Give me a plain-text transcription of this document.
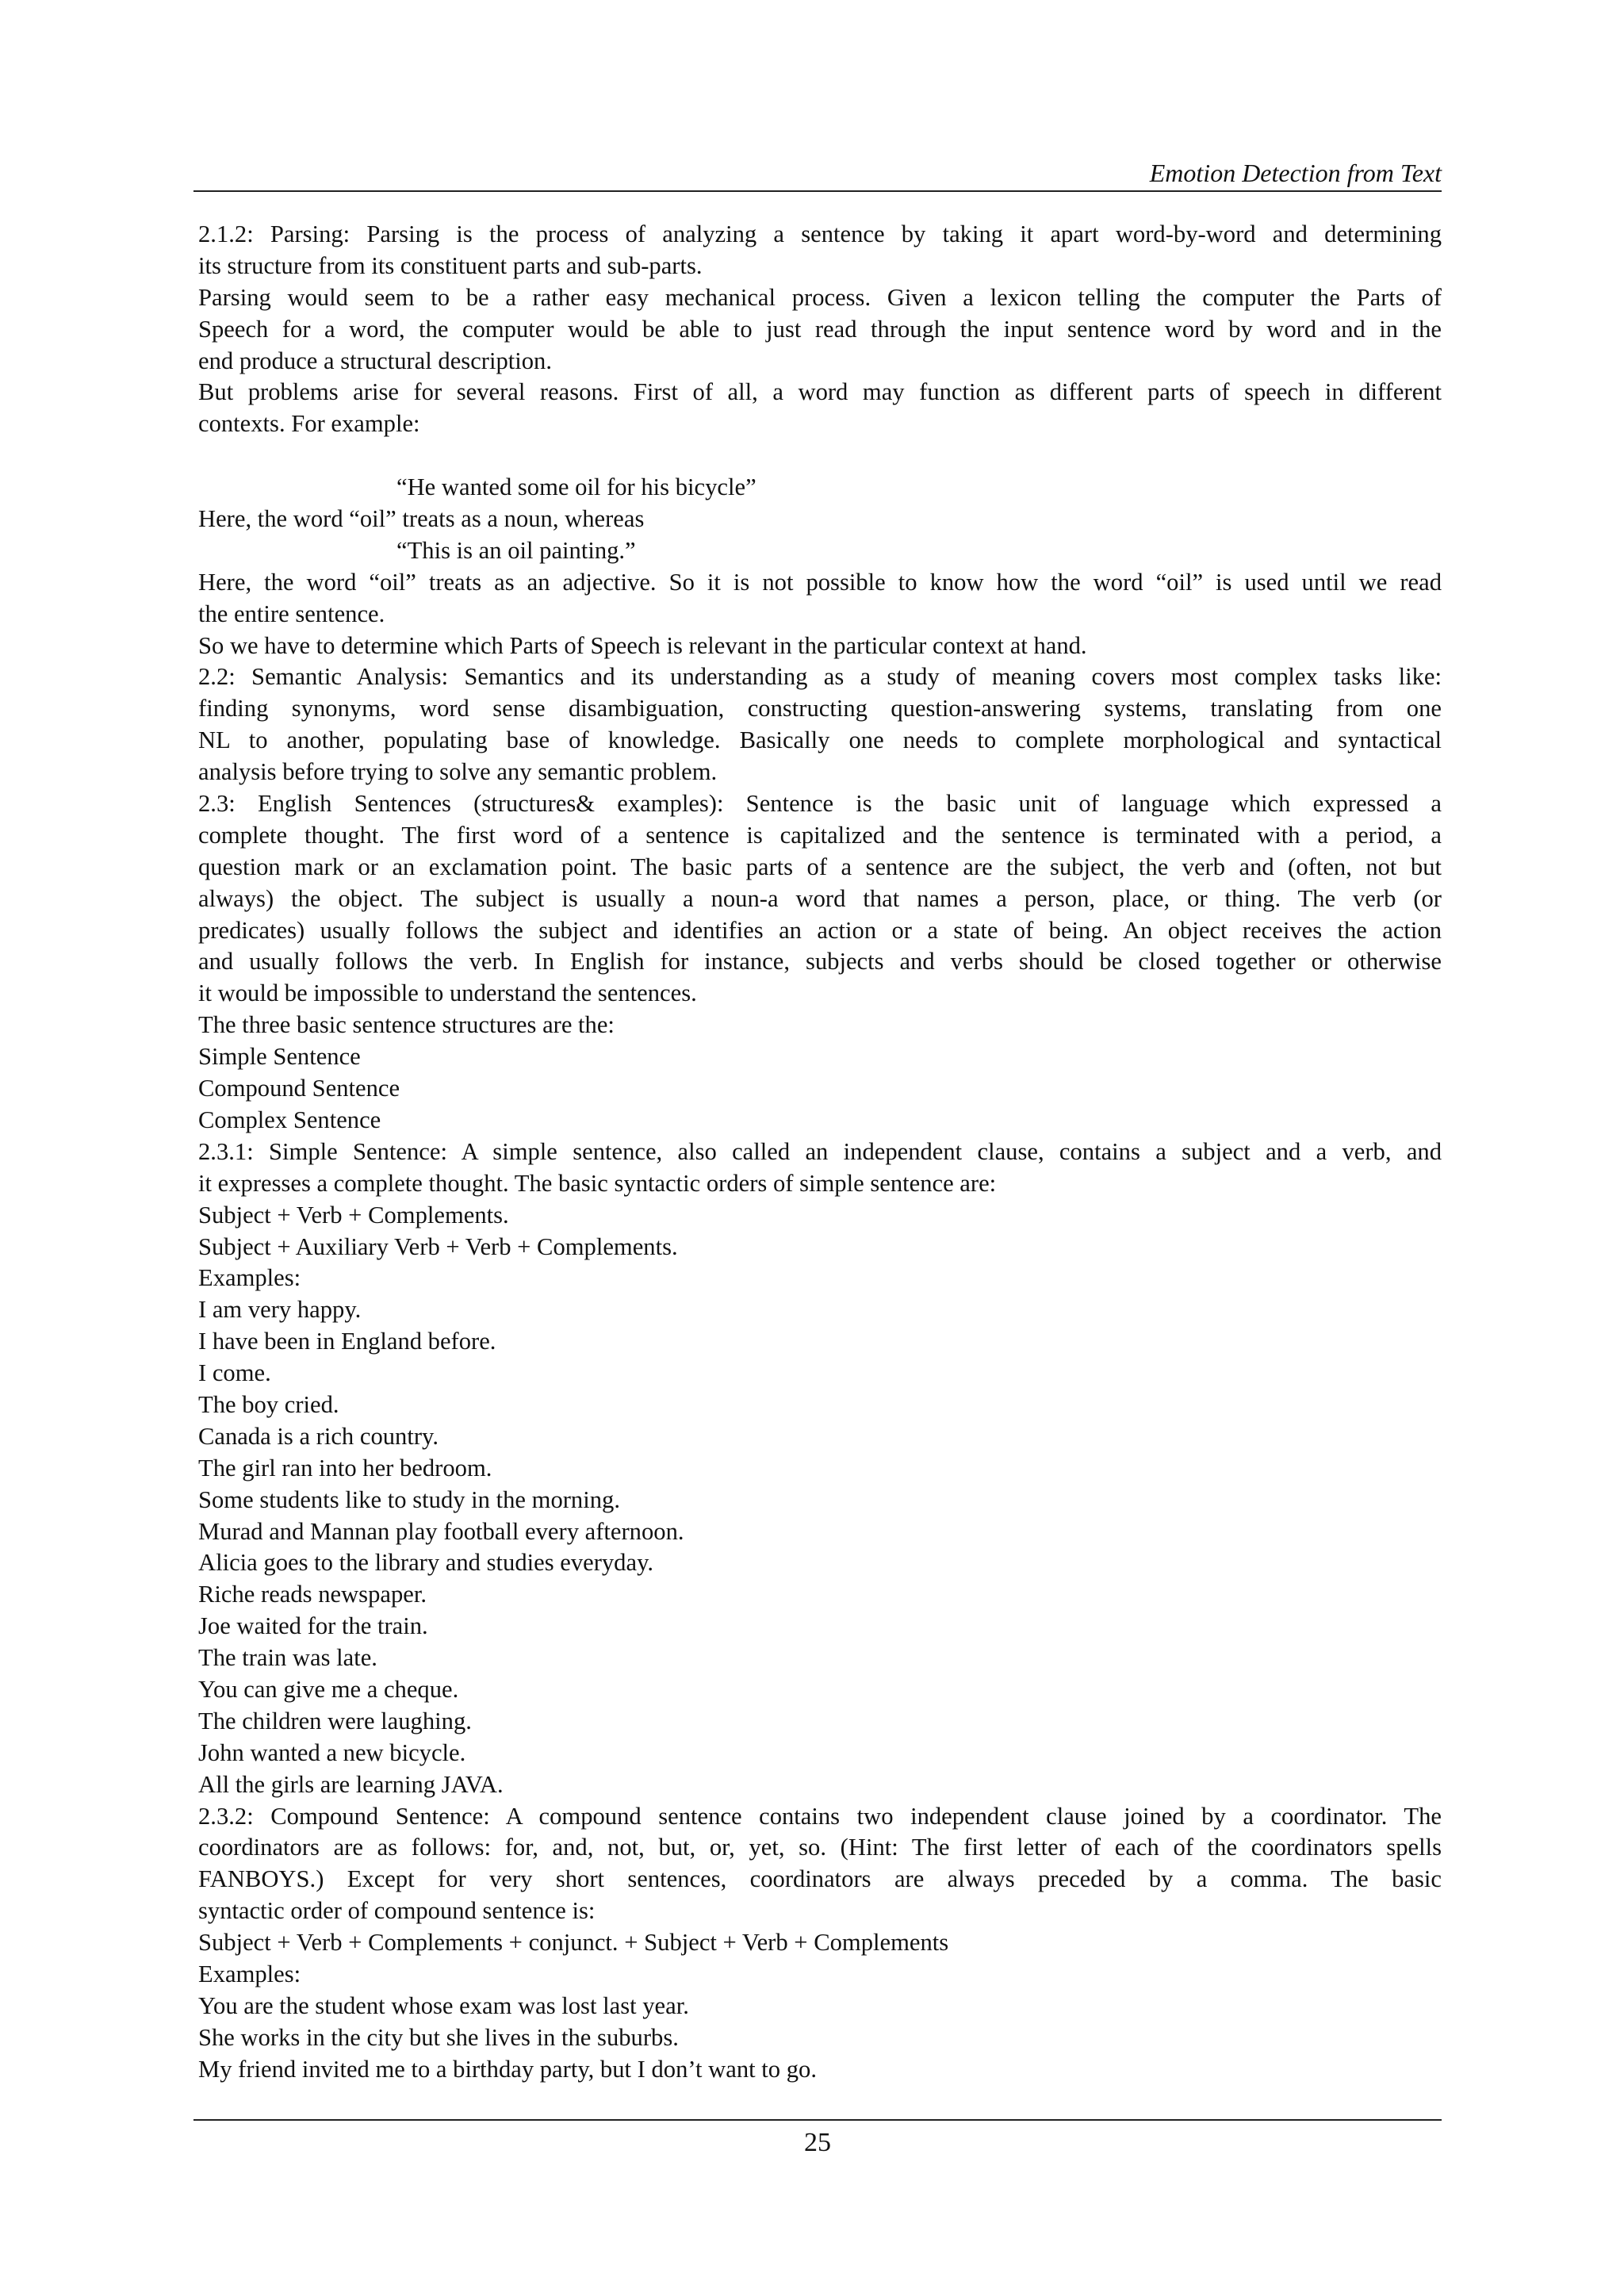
Emotion Detection from Text
2.1.2: Parsing: Parsing is the process of analyzing a sentence by taking it apart word-by-word and determining
its structure from its constituent parts and sub-parts.
Parsing would seem to be a rather easy mechanical process. Given a lexicon telling the computer the Parts of
Speech for a word, the computer would be able to just read through the input sentence word by word and in the
end produce a structural description.
But problems arise for several reasons. First of all, a word may function as different parts of speech in different
contexts. For example:
“He wanted some oil for his bicycle”
Here, the word “oil” treats as a noun, whereas
“This is an oil painting.”
Here, the word “oil” treats as an adjective. So it is not possible to know how the word “oil” is used until we read
the entire sentence.
So we have to determine which Parts of Speech is relevant in the particular context at hand.
2.2: Semantic Analysis: Semantics and its understanding as a study of meaning covers most complex tasks like:
finding synonyms, word sense disambiguation, constructing question-answering systems, translating from one
NL to another, populating base of knowledge. Basically one needs to complete morphological and syntactical
analysis before trying to solve any semantic problem.
2.3: English Sentences (structures& examples): Sentence is the basic unit of language which expressed a
complete thought. The first word of a sentence is capitalized and the sentence is terminated with a period, a
question mark or an exclamation point. The basic parts of a sentence are the subject, the verb and (often, not but
always) the object. The subject is usually a noun-a word that names a person, place, or thing. The verb (or
predicates) usually follows the subject and identifies an action or a state of being. An object receives the action
and usually follows the verb. In English for instance, subjects and verbs should be closed together or otherwise
it would be impossible to understand the sentences.
The three basic sentence structures are the:
Simple Sentence
Compound Sentence
Complex Sentence
2.3.1: Simple Sentence: A simple sentence, also called an independent clause, contains a subject and a verb, and
it expresses a complete thought. The basic syntactic orders of simple sentence are:
Subject + Verb + Complements.
Subject + Auxiliary Verb + Verb + Complements.
Examples:
I am very happy.
I have been in England before.
I come.
The boy cried.
Canada is a rich country.
The girl ran into her bedroom.
Some students like to study in the morning.
Murad and Mannan play football every afternoon.
Alicia goes to the library and studies everyday.
Riche reads newspaper.
Joe waited for the train.
The train was late.
You can give me a cheque.
The children were laughing.
John wanted a new bicycle.
All the girls are learning JAVA.
2.3.2: Compound Sentence: A compound sentence contains two independent clause joined by a coordinator. The
coordinators are as follows: for, and, not, but, or, yet, so. (Hint: The first letter of each of the coordinators spells
FANBOYS.) Except for very short sentences, coordinators are always preceded by a comma. The basic
syntactic order of compound sentence is:
Subject + Verb + Complements + conjunct. + Subject + Verb + Complements
Examples:
You are the student whose exam was lost last year.
She works in the city but she lives in the suburbs.
My friend invited me to a birthday party, but I don’t want to go.
25
